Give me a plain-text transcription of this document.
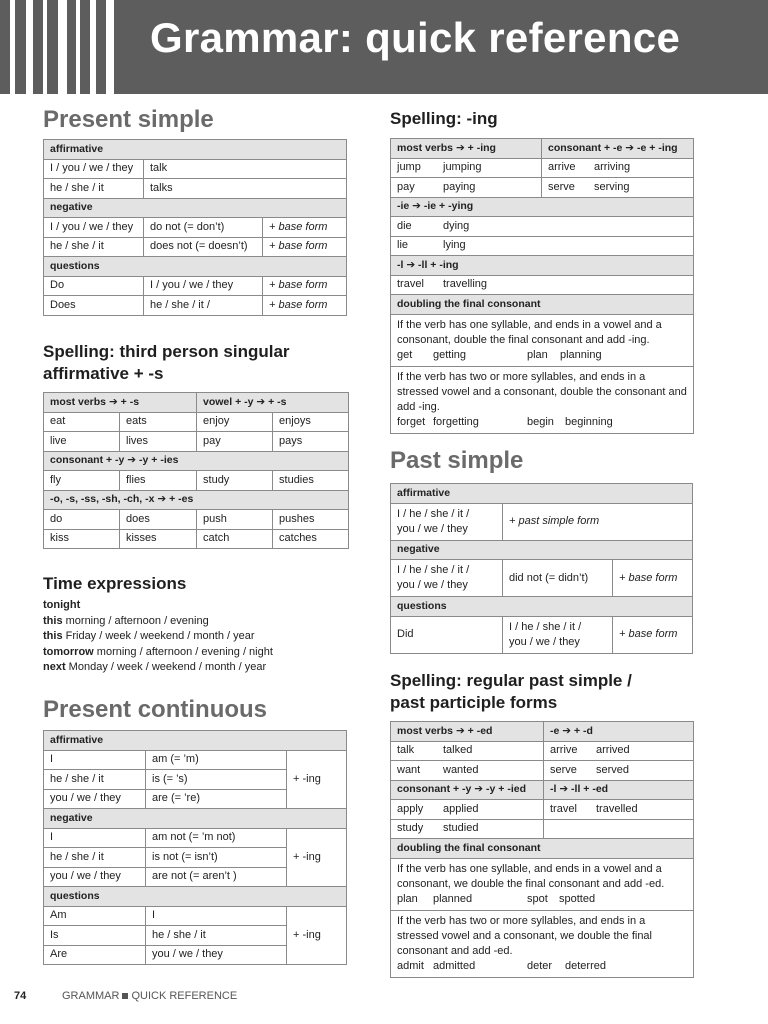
Grammar: quick reference
Present simple
affirmative		
I / you / we / they	talk	
he / she / it	talks	
negative		
I / you / we / they	do not (= don’t)	+ base form
he / she / it	does not (= doesn’t)	+ base form
questions		
Do	I / you / we / they	+ base form
Does	he / she / it /	+ base form
Spelling: third person singular
affirmative + -s
most verbs ➔ + -s		vowel + -y ➔ + -s	
eat	eats	enjoy	enjoys
live	lives	pay	pays
consonant + -y ➔ -y + -ies			
fly	flies	study	studies
-o, -s, -ss, -sh, -ch, -x ➔ + -es			
do	does	push	pushes
kiss	kisses	catch	catches
Time expressions

tonight

this morning / afternoon / evening

this Friday / week / weekend / month / year

tomorrow morning / afternoon / evening / night

next Monday / week / weekend / month / year

Present continuous
affirmative		
I	am (= ’m)	+ -ing
he / she / it	is (= ’s)	
you / we / they	are (= ’re)	
negative		
I	am not (= ’m not)	+ -ing
he / she / it	is not (= isn’t)	
you / we / they	are not (= aren’t )	
questions		
Am	I	+ -ing
Is	he / she / it	
Are	you / we / they	
Spelling: -ing
most verbs ➔ + -ing	consonant + -e ➔ -e + -ing
jump jumping	arrive arriving
pay paying	serve serving
-ie ➔ -ie + -ying	
die dying	
lie lying	
-l ➔ -ll + -ing	
travel travelling	
doubling the final consonant	

If the verb has one syllable, and ends in a vowel and a consonant, double the final consonant and add -ing.
get getting plan planning	

If the verb has two or more syllables, and ends in a stressed vowel and a consonant, double the consonant and add -ing.
forget forgetting begin beginning	
Past simple
affirmative		

I / he / she / it /
you / we / they	+ past simple form	
negative		

I / he / she / it /
you / we / they	did not (= didn’t)	+ base form
questions		
Did	I / he / she / it /
you / we / they	+ base form
Spelling: regular past simple /
past participle forms
most verbs ➔ + -ed	-e ➔ + -d
talk talked	arrive arrived
want wanted	serve served
consonant + -y ➔ -y + -ied	-l ➔ -ll + -ed
apply applied	travel travelled
study studied	
doubling the final consonant	

If the verb has one syllable, and ends in a vowel and a consonant, we double the final consonant and add -ed.
plan planned spot spotted	

If the verb has two or more syllables, and ends in a stressed vowel and a consonant, we double the final consonant and add -ed.
admit admitted deter deterred	
74	GRAMMAR QUICK REFERENCE
